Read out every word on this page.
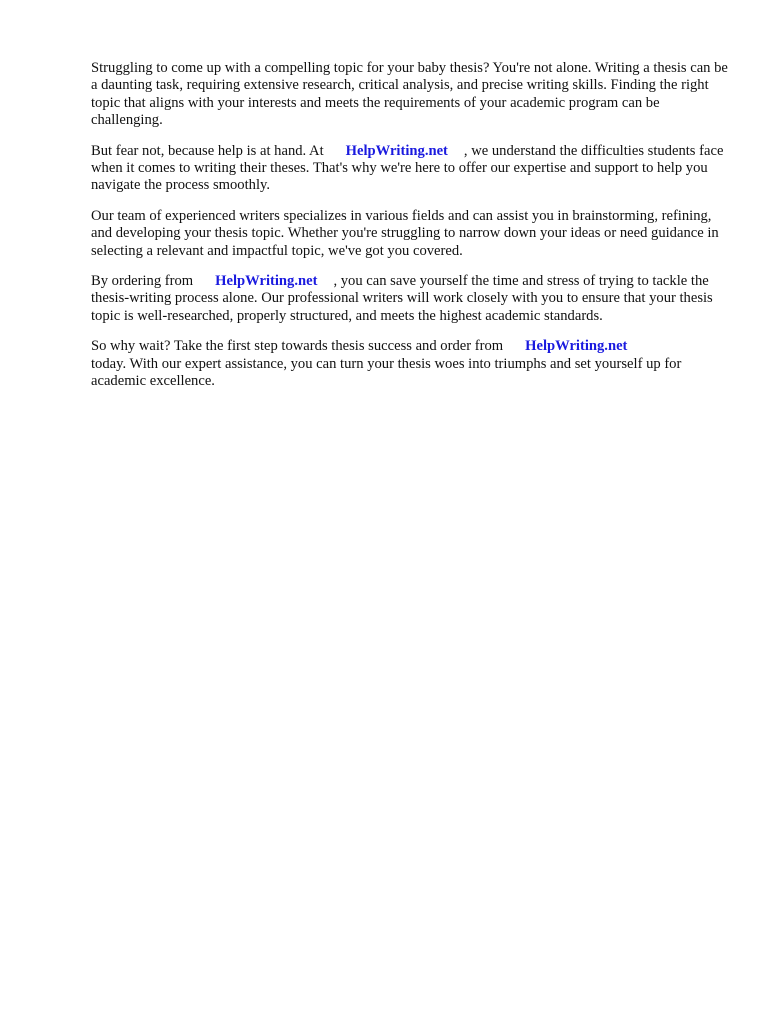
Struggling to come up with a compelling topic for your baby thesis? You're not alone. Writing a thesis can be a daunting task, requiring extensive research, critical analysis, and precise writing skills. Finding the right topic that aligns with your interests and meets the requirements of your academic program can be challenging.

But fear not, because help is at hand. At HelpWriting.net , we understand the difficulties students face when it comes to writing their theses. That's why we're here to offer our expertise and support to help you navigate the process smoothly.

Our team of experienced writers specializes in various fields and can assist you in brainstorming, refining, and developing your thesis topic. Whether you're struggling to narrow down your ideas or need guidance in selecting a relevant and impactful topic, we've got you covered.

By ordering from HelpWriting.net , you can save yourself the time and stress of trying to tackle the thesis-writing process alone. Our professional writers will work closely with you to ensure that your thesis topic is well-researched, properly structured, and meets the highest academic standards.

So why wait? Take the first step towards thesis success and order from HelpWriting.net
today. With our expert assistance, you can turn your thesis woes into triumphs and set yourself up for academic excellence.
